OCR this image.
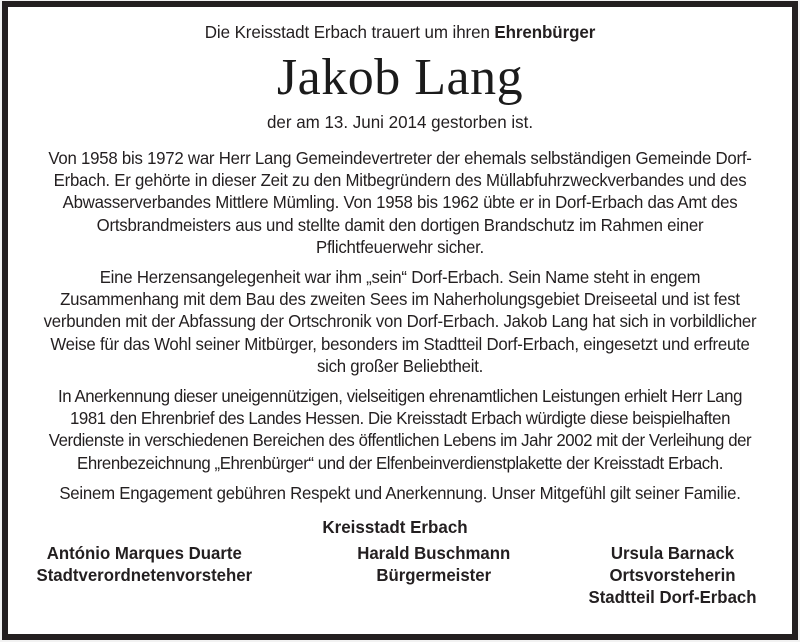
Die Kreisstadt Erbach trauert um ihren Ehrenbürger
Jakob Lang
der am 13. Juni 2014 gestorben ist.

Von 1958 bis 1972 war Herr Lang Gemeindevertreter der ehemals selbständigen Gemeinde Dorf-Erbach. Er gehörte in dieser Zeit zu den Mitbegründern des Müllabfuhrzweckverbandes und des Abwasserverbandes Mittlere Mümling. Von 1958 bis 1962 übte er in Dorf-Erbach das Amt des Ortsbrandmeisters aus und stellte damit den dortigen Brandschutz im Rahmen einer Pflichtfeuerwehr sicher.

Eine Herzensangelegenheit war ihm „sein“ Dorf-Erbach. Sein Name steht in engem Zusammenhang mit dem Bau des zweiten Sees im Naherholungsgebiet Dreiseetal und ist fest verbunden mit der Abfassung der Ortschronik von Dorf-Erbach. Jakob Lang hat sich in vorbildlicher Weise für das Wohl seiner Mitbürger, besonders im Stadtteil Dorf-Erbach, eingesetzt und erfreute sich großer Beliebtheit.

In Anerkennung dieser uneigennützigen, vielseitigen ehrenamtlichen Leistungen erhielt Herr Lang 1981 den Ehrenbrief des Landes Hessen. Die Kreisstadt Erbach würdigte diese beispielhaften Verdienste in verschiedenen Bereichen des öffentlichen Lebens im Jahr 2002 mit der Verleihung der Ehrenbezeichnung „Ehrenbürger“ und der Elfenbeinverdienstplakette der Kreisstadt Erbach.

Seinem Engagement gebühren Respekt und Anerkennung. Unser Mitgefühl gilt seiner Familie.

Kreisstadt Erbach
António Marques Duarte
Stadtverordnetenvorsteher
Harald Buschmann
Bürgermeister
Ursula Barnack
Ortsvorsteherin
Stadtteil Dorf-Erbach
